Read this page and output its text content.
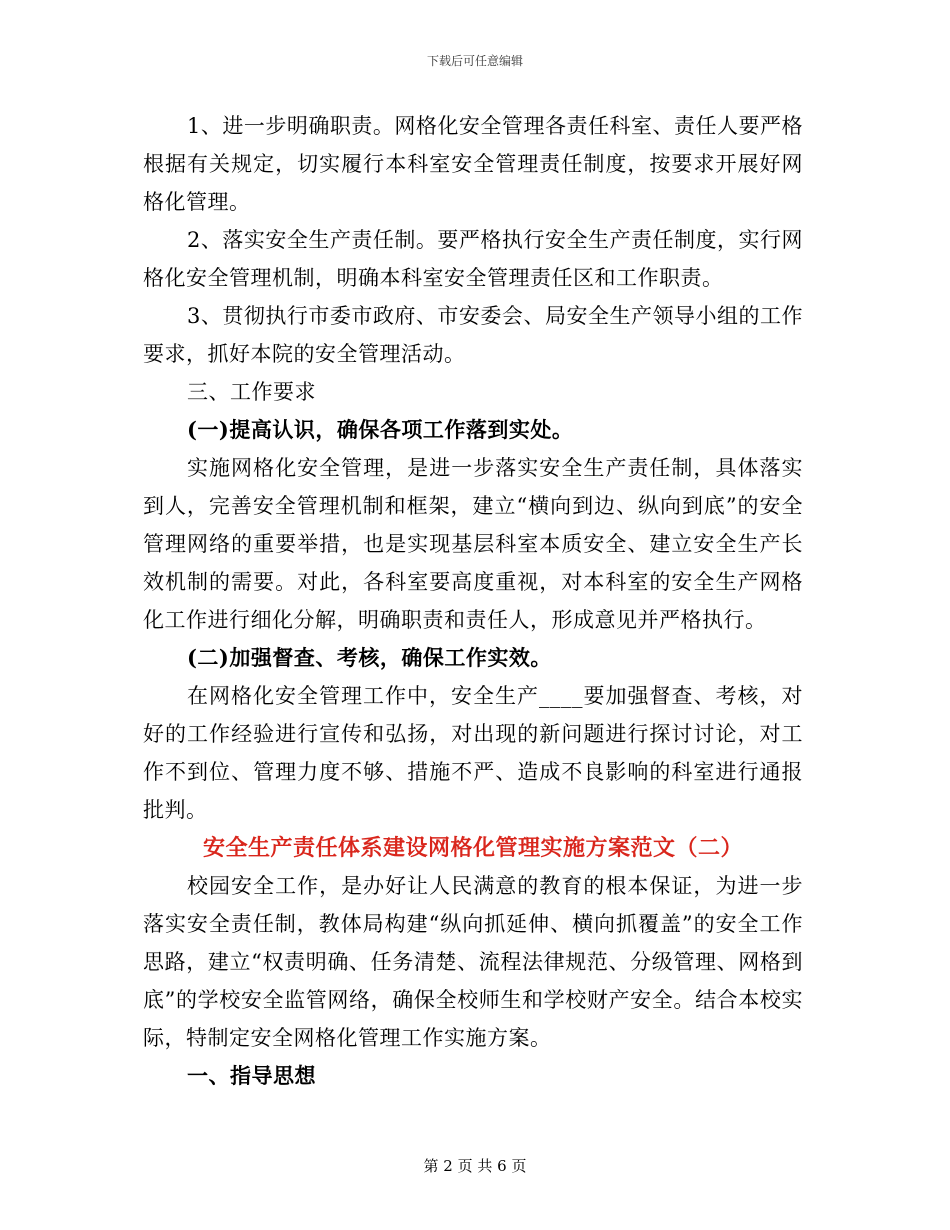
下载后可任意编辑

1、进一步明确职责。网格化安全管理各责任科室、责任人要严格根据有关规定，切实履行本科室安全管理责任制度，按要求开展好网格化管理。

2、落实安全生产责任制。要严格执行安全生产责任制度，实行网格化安全管理机制，明确本科室安全管理责任区和工作职责。

3、贯彻执行市委市政府、市安委会、局安全生产领导小组的工作要求，抓好本院的安全管理活动。

三、工作要求

(一)提高认识，确保各项工作落到实处。

实施网格化安全管理，是进一步落实安全生产责任制，具体落实到人，完善安全管理机制和框架，建立“横向到边、纵向到底”的安全管理网络的重要举措，也是实现基层科室本质安全、建立安全生产长效机制的需要。对此，各科室要高度重视，对本科室的安全生产网格化工作进行细化分解，明确职责和责任人，形成意见并严格执行。

(二)加强督查、考核，确保工作实效。

在网格化安全管理工作中，安全生产____要加强督查、考核，对好的工作经验进行宣传和弘扬，对出现的新问题进行探讨讨论，对工作不到位、管理力度不够、措施不严、造成不良影响的科室进行通报批判。

安全生产责任体系建设网格化管理实施方案范文（二）

校园安全工作，是办好让人民满意的教育的根本保证，为进一步落实安全责任制，教体局构建“纵向抓延伸、横向抓覆盖”的安全工作思路，建立“权责明确、任务清楚、流程法律规范、分级管理、网格到底”的学校安全监管网络，确保全校师生和学校财产安全。结合本校实际，特制定安全网格化管理工作实施方案。

一、指导思想

第 2 页 共 6 页
